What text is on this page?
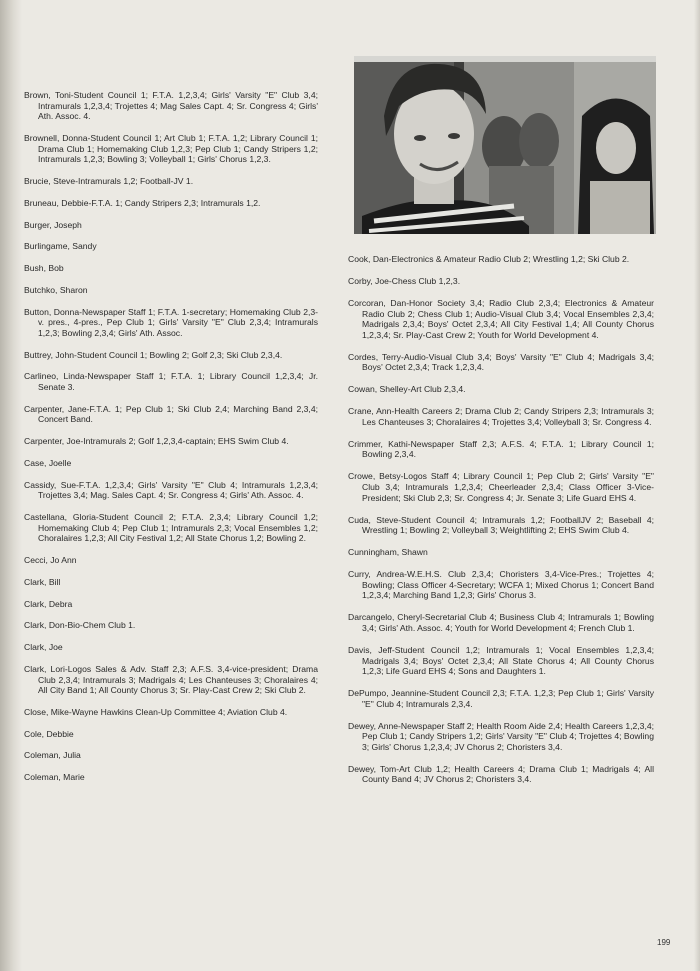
Brown, Toni-Student Council 1; F.T.A. 1,2,3,4; Girls' Varsity "E" Club 3,4; Intramurals 1,2,3,4; Trojettes 4; Mag Sales Capt. 4; Sr. Congress 4; Girls' Ath. Assoc. 4.

Brownell, Donna-Student Council 1; Art Club 1; F.T.A. 1,2; Library Council 1; Drama Club 1; Homemaking Club 1,2,3; Pep Club 1; Candy Stripers 1,2; Intramurals 1,2,3; Bowling 3; Volleyball 1; Girls' Chorus 1,2,3.

Brucie, Steve-Intramurals 1,2; Football-JV 1.

Bruneau, Debbie-F.T.A. 1; Candy Stripers 2,3; Intramurals 1,2.

Burger, Joseph

Burlingame, Sandy

Bush, Bob

Butchko, Sharon

Button, Donna-Newspaper Staff 1; F.T.A. 1-secretary; Homemaking Club 2,3-v. pres., 4-pres., Pep Club 1; Girls' Varsity "E" Club 2,3,4; Intramurals 1,2,3; Bowling 2,3,4; Girls' Ath. Assoc.

Buttrey, John-Student Council 1; Bowling 2; Golf 2,3; Ski Club 2,3,4.

Carlineo, Linda-Newspaper Staff 1; F.T.A. 1; Library Council 1,2,3,4; Jr. Senate 3.

Carpenter, Jane-F.T.A. 1; Pep Club 1; Ski Club 2,4; Marching Band 2,3,4; Concert Band.

Carpenter, Joe-Intramurals 2; Golf 1,2,3,4-captain; EHS Swim Club 4.

Case, Joelle

Cassidy, Sue-F.T.A. 1,2,3,4; Girls' Varsity "E" Club 4; Intramurals 1,2,3,4; Trojettes 3,4; Mag. Sales Capt. 4; Sr. Congress 4; Girls' Ath. Assoc. 4.

Castellana, Gloria-Student Council 2; F.T.A. 2,3,4; Library Council 1,2; Homemaking Club 4; Pep Club 1; Intramurals 2,3; Vocal Ensembles 1,2; Choralaires 1,2,3; All City Festival 1,2; All State Chorus 1,2; Bowling 2.

Cecci, Jo Ann

Clark, Bill

Clark, Debra

Clark, Don-Bio-Chem Club 1.

Clark, Joe

Clark, Lori-Logos Sales & Adv. Staff 2,3; A.F.S. 3,4-vice-president; Drama Club 2,3,4; Intramurals 3; Madrigals 4; Les Chanteuses 3; Choralaires 4; All City Band 1; All County Chorus 3; Sr. Play-Cast Crew 2; Ski Club 2.

Close, Mike-Wayne Hawkins Clean-Up Committee 4; Aviation Club 4.

Cole, Debbie

Coleman, Julia

Coleman, Marie

Cook, Dan-Electronics & Amateur Radio Club 2; Wrestling 1,2; Ski Club 2.

Corby, Joe-Chess Club 1,2,3.

Corcoran, Dan-Honor Society 3,4; Radio Club 2,3,4; Electronics & Amateur Radio Club 2; Chess Club 1; Audio-Visual Club 3,4; Vocal Ensembles 2,3,4; Madrigals 2,3,4; Boys' Octet 2,3,4; All City Festival 1,4; All County Chorus 1,2,3,4; Sr. Play-Cast Crew 2; Youth for World Development 4.

Cordes, Terry-Audio-Visual Club 3,4; Boys' Varsity "E" Club 4; Madrigals 3,4; Boys' Octet 2,3,4; Track 1,2,3,4.

Cowan, Shelley-Art Club 2,3,4.

Crane, Ann-Health Careers 2; Drama Club 2; Candy Stripers 2,3; Intramurals 3; Les Chanteuses 3; Choralaires 4; Trojettes 3,4; Volleyball 3; Sr. Congress 4.

Crimmer, Kathi-Newspaper Staff 2,3; A.F.S. 4; F.T.A. 1; Library Council 1; Bowling 2,3,4.

Crowe, Betsy-Logos Staff 4; Library Council 1; Pep Club 2; Girls' Varsity "E" Club 3,4; Intramurals 1,2,3,4; Cheerleader 2,3,4; Class Officer 3-Vice-President; Ski Club 2,3; Sr. Congress 4; Jr. Senate 3; Life Guard EHS 4.

Cuda, Steve-Student Council 4; Intramurals 1,2; FootballJV 2; Baseball 4; Wrestling 1; Bowling 2; Volleyball 3; Weightlifting 2; EHS Swim Club 4.

Cunningham, Shawn

Curry, Andrea-W.E.H.S. Club 2,3,4; Choristers 3,4-Vice-Pres.; Trojettes 4; Bowling; Class Officer 4-Secretary; WCFA 1; Mixed Chorus 1; Concert Band 1,2,3,4; Marching Band 1,2,3; Girls' Chorus 3.

Darcangelo, Cheryl-Secretarial Club 4; Business Club 4; Intramurals 1; Bowling 3,4; Girls' Ath. Assoc. 4; Youth for World Development 4; French Club 1.

Davis, Jeff-Student Council 1,2; Intramurals 1; Vocal Ensembles 1,2,3,4; Madrigals 3,4; Boys' Octet 2,3,4; All State Chorus 4; All County Chorus 1,2,3; Life Guard EHS 4; Sons and Daughters 1.

DePumpo, Jeannine-Student Council 2,3; F.T.A. 1,2,3; Pep Club 1; Girls' Varsity "E" Club 4; Intramurals 2,3,4.

Dewey, Anne-Newspaper Staff 2; Health Room Aide 2,4; Health Careers 1,2,3,4; Pep Club 1; Candy Stripers 1,2; Girls' Varsity "E" Club 4; Trojettes 4; Bowling 3; Girls' Chorus 1,2,3,4; JV Chorus 2; Choristers 3,4.

Dewey, Tom-Art Club 1,2; Health Careers 4; Drama Club 1; Madrigals 4; All County Band 4; JV Chorus 2; Choristers 3,4.

199
